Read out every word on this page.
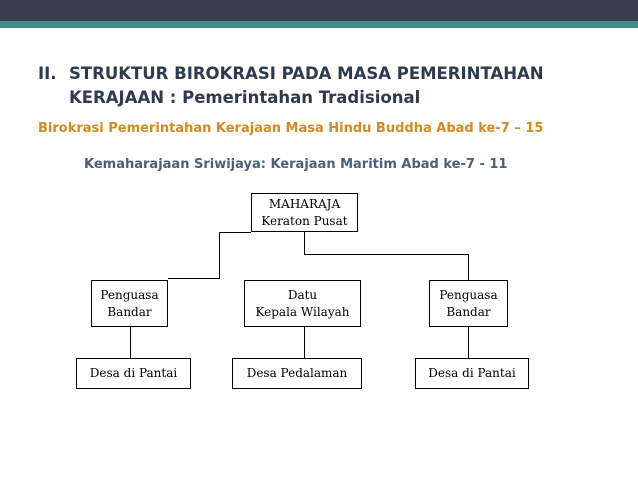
II. STRUKTUR BIROKRASI PADA MASA PEMERINTAHAN
KERAJAAN : Pemerintahan Tradisional
Birokrasi Pemerintahan Kerajaan Masa Hindu Buddha Abad ke-7 – 15
Kemaharajaan Sriwijaya: Kerajaan Maritim Abad ke-7 - 11
MAHARAJA
Keraton Pusat
Penguasa
Bandar
Datu
Kepala Wilayah
Penguasa
Bandar
Desa di Pantai	Desa Pedalaman	Desa di Pantai
